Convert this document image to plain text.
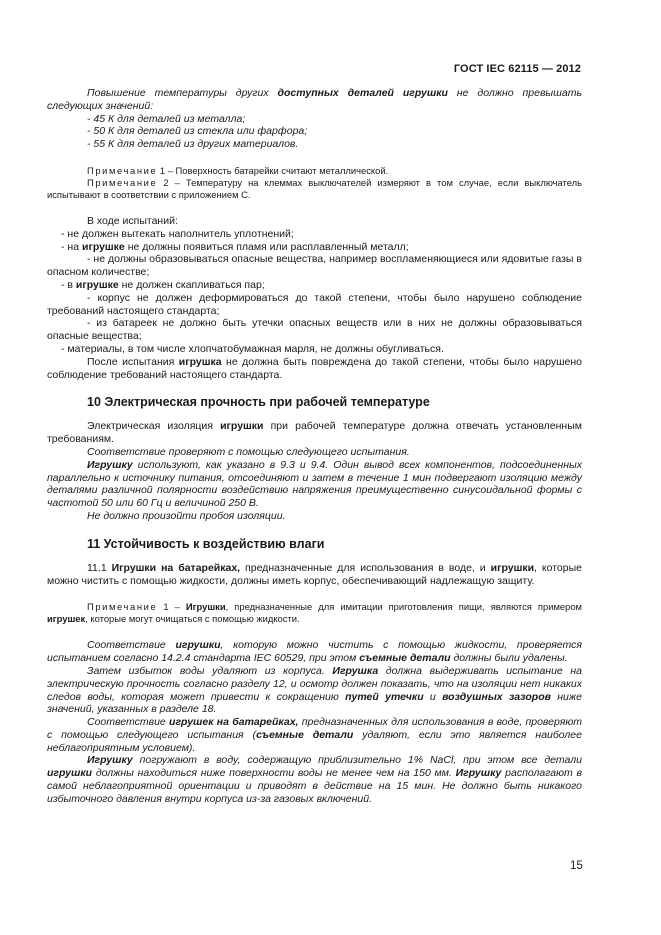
ГОСТ IEC 62115 — 2012

Повышение температуры других доступных деталей игрушки не должно превышать следующих значений:

- 45 К для деталей из металла;

- 50 К для деталей из стекла или фарфора;

- 55 К для деталей из других материалов.

Примечание 1 – Поверхность батарейки считают металлической.

Примечание 2 – Температуру на клеммах выключателей измеряют в том случае, если выключатель испытывают в соответствии с приложением С.

В ходе испытаний:

- не должен вытекать наполнитель уплотнений;

- на игрушке не должны появиться пламя или расплавленный металл;

- не должны образовываться опасные вещества, например воспламеняющиеся или ядовитые газы в опасном количестве;

- в игрушке не должен скапливаться пар;

- корпус не должен деформироваться до такой степени, чтобы было нарушено соблюдение требований настоящего стандарта;

- из батареек не должно быть утечки опасных веществ или в них не должны образовываться опасные вещества;

- материалы, в том числе хлопчатобумажная марля, не должны обугливаться.

После испытания игрушка не должна быть повреждена до такой степени, чтобы было нарушено соблюдение требований настоящего стандарта.

10 Электрическая прочность при рабочей температуре

Электрическая изоляция игрушки при рабочей температуре должна отвечать установленным требованиям.

Соответствие проверяют с помощью следующего испытания.

Игрушку используют, как указано в 9.3 и 9.4. Один вывод всех компонентов, подсоединенных параллельно к источнику питания, отсоединяют и затем в течение 1 мин подвергают изоляцию между деталями различной полярности воздействию напряжения преимущественно синусоидальной формы с частотой 50 или 60 Гц и величиной 250 В.

Не должно произойти пробоя изоляции.

11 Устойчивость к воздействию влаги

11.1 Игрушки на батарейках, предназначенные для использования в воде, и игрушки, которые можно чистить с помощью жидкости, должны иметь корпус, обеспечивающий надлежащую защиту.

Примечание 1 – Игрушки, предназначенные для имитации приготовления пищи, являются примером игрушек, которые могут очищаться с помощью жидкости.

Соответствие игрушки, которую можно чистить с помощью жидкости, проверяется испытанием согласно 14.2.4 стандарта IEC 60529, при этом съемные детали должны были удалены.

Затем избыток воды удаляют из корпуса. Игрушка должна выдерживать испытание на электрическую прочность согласно разделу 12, и осмотр должен показать, что на изоляции нет никаких следов воды, которая может привести к сокращению путей утечки и воздушных зазоров ниже значений, указанных в разделе 18.

Соответствие игрушек на батарейках, предназначенных для использования в воде, проверяют с помощью следующего испытания (съемные детали удаляют, если это является наиболее неблагоприятным условием).

Игрушку погружают в воду, содержащую приблизительно 1% NaCl, при этом все детали игрушки должны находиться ниже поверхности воды не менее чем на 150 мм. Игрушку располагают в самой неблагоприятной ориентации и приводят в действие на 15 мин. Не должно быть никакого избыточного давления внутри корпуса из-за газовых включений.

15
